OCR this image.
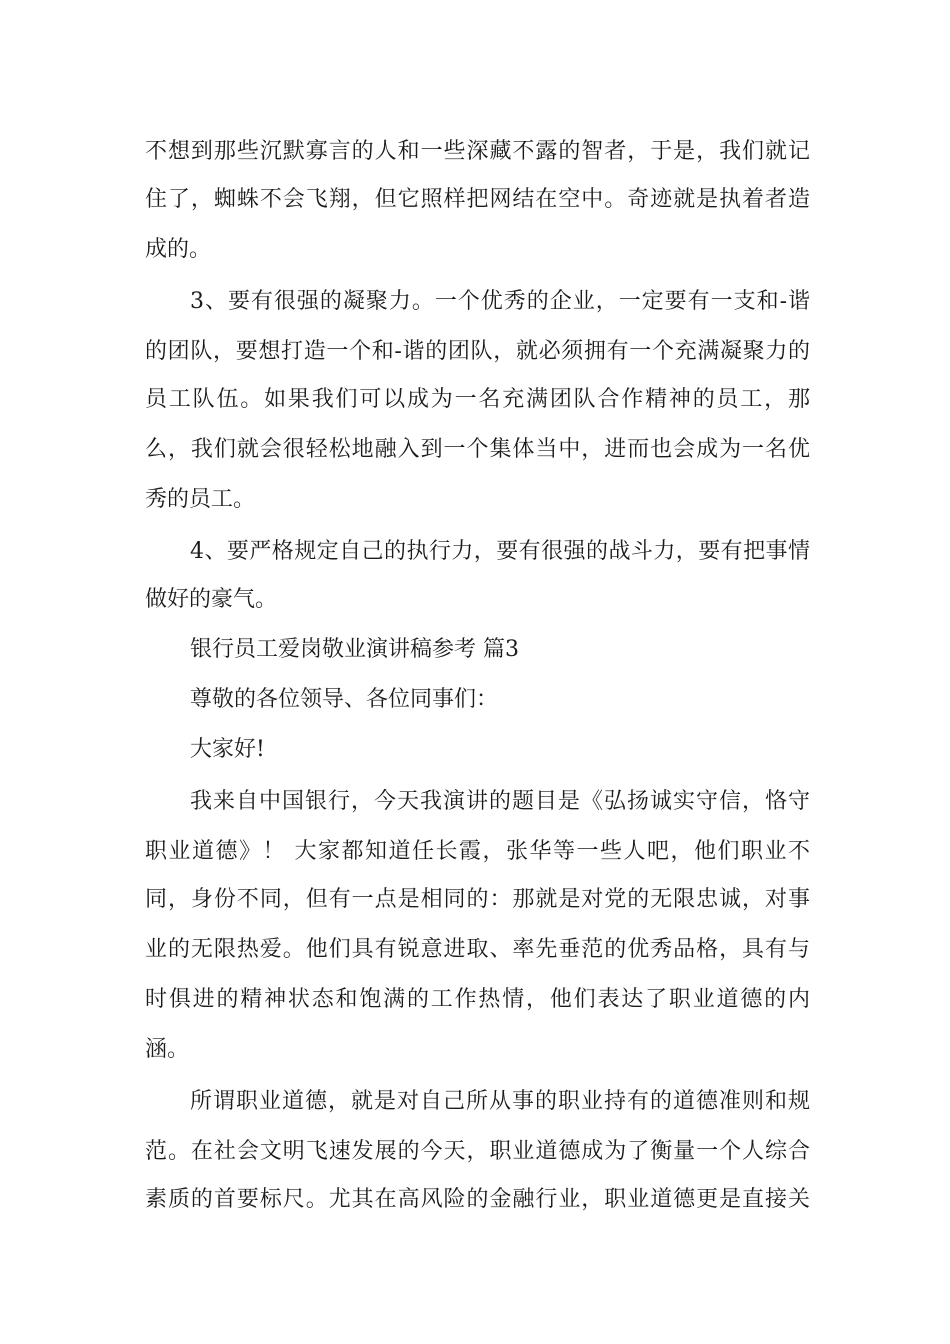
不想到那些沉默寡言的人和一些深藏不露的智者，于是，我们就记
住了，蜘蛛不会飞翔，但它照样把网结在空中。奇迹就是执着者造
成的。
3、要有很强的凝聚力。一个优秀的企业，一定要有一支和-谐
的团队，要想打造一个和-谐的团队，就必须拥有一个充满凝聚力的
员工队伍。如果我们可以成为一名充满团队合作精神的员工，那
么，我们就会很轻松地融入到一个集体当中，进而也会成为一名优
秀的员工。
4、要严格规定自己的执行力，要有很强的战斗力，要有把事情
做好的豪气。
银行员工爱岗敬业演讲稿参考 篇3
尊敬的各位领导、各位同事们：
大家好!
我来自中国银行，今天我演讲的题目是《弘扬诚实守信，恪守
职业道德》！ 大家都知道任长霞，张华等一些人吧，他们职业不
同，身份不同，但有一点是相同的：那就是对党的无限忠诚，对事
业的无限热爱。他们具有锐意进取、率先垂范的优秀品格，具有与
时俱进的精神状态和饱满的工作热情，他们表达了职业道德的内
涵。
所谓职业道德，就是对自己所从事的职业持有的道德准则和规
范。在社会文明飞速发展的今天，职业道德成为了衡量一个人综合
素质的首要标尺。尤其在高风险的金融行业，职业道德更是直接关
